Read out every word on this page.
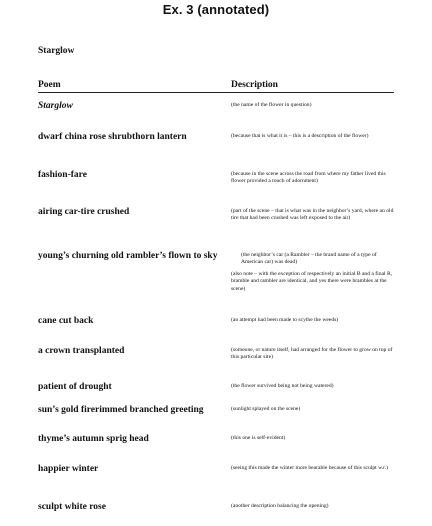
Ex. 3 (annotated)
Starglow
Poem	Description
Starglow	(the name of the flower in question)
dwarf china rose shrubthorn lantern	(because that is what it is – this is a description of the flower)
fashion-fare	(because in the scene across the road from where my father lived this flower provided a touch of adornment)
airing car-tire crushed	(part of the scene – that is what was in the neighbor’s yard, where an old tire that had been crushed was left exposed to the air)
young’s churning old rambler’s flown to sky	(the neighbor’s car (a Rambler – the brand name of a type of American car) was dead)
(also note – with the exception of respectively an initial B and a final R, bramble and rambler are identical, and yes there were brambles at the scene)
cane cut back	(an attempt had been made to scythe the weeds)
a crown transplanted	(someone, or nature itself, had arranged for the flower to grow on top of this particular site)
patient of drought	(the flower survived being not being watered)
sun’s gold firerimmed branched greeting	(sunlight splayed on the scene)
thyme’s autumn sprig head	(this one is self-evident)
happier winter	(seeing this made the winter more bearable because of this sculpt w.r.)
sculpt white rose	(another description balancing the opening)
